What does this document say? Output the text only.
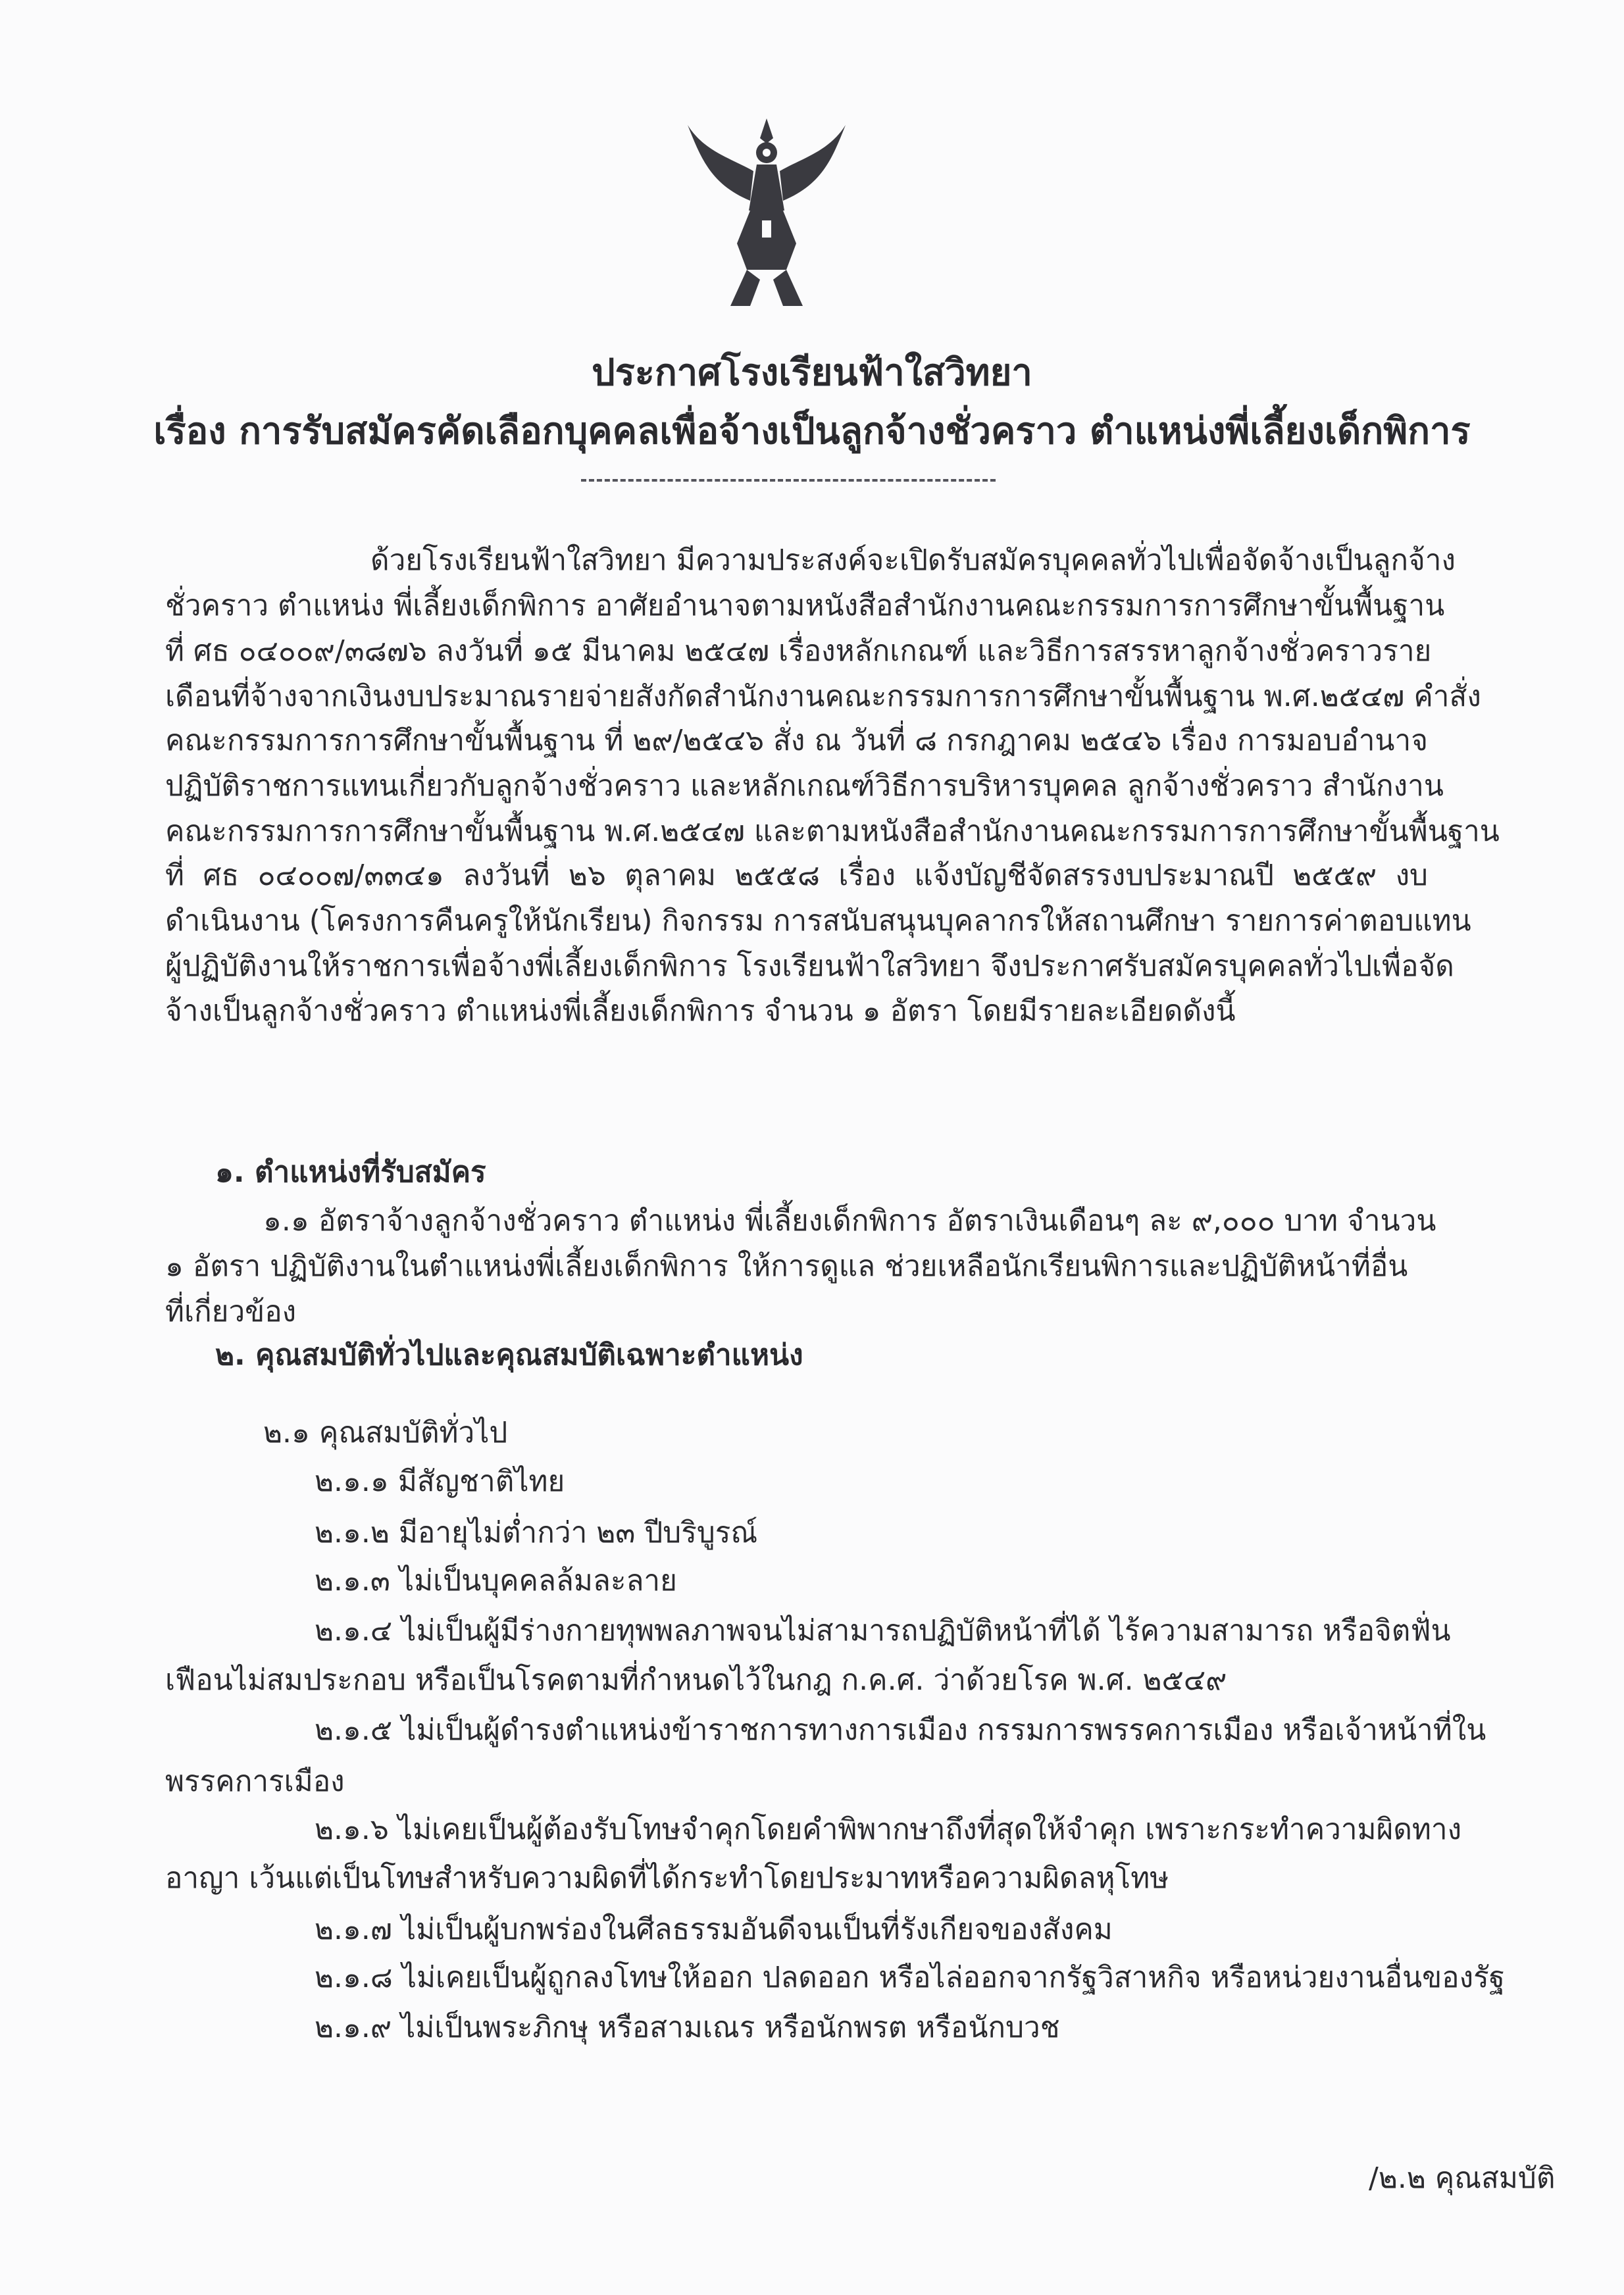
ประกาศโรงเรียนฟ้าใสวิทยา
เรื่อง การรับสมัครคัดเลือกบุคคลเพื่อจ้างเป็นลูกจ้างชั่วคราว ตำแหน่งพี่เลี้ยงเด็กพิการ
ด้วยโรงเรียนฟ้าใสวิทยา มีความประสงค์จะเปิดรับสมัครบุคคลทั่วไปเพื่อจัดจ้างเป็นลูกจ้าง
ชั่วคราว ตำแหน่ง พี่เลี้ยงเด็กพิการ อาศัยอำนาจตามหนังสือสำนักงานคณะกรรมการการศึกษาขั้นพื้นฐาน
ที่ ศธ ๐๔๐๐๙/๓๘๗๖ ลงวันที่ ๑๕ มีนาคม ๒๕๔๗ เรื่องหลักเกณฑ์ และวิธีการสรรหาลูกจ้างชั่วคราวราย
เดือนที่จ้างจากเงินงบประมาณรายจ่ายสังกัดสำนักงานคณะกรรมการการศึกษาขั้นพื้นฐาน พ.ศ.๒๕๔๗ คำสั่ง
คณะกรรมการการศึกษาขั้นพื้นฐาน ที่ ๒๙/๒๕๔๖ สั่ง ณ วันที่ ๘ กรกฎาคม ๒๕๔๖ เรื่อง การมอบอำนาจ
ปฏิบัติราชการแทนเกี่ยวกับลูกจ้างชั่วคราว และหลักเกณฑ์วิธีการบริหารบุคคล ลูกจ้างชั่วคราว สำนักงาน
คณะกรรมการการศึกษาขั้นพื้นฐาน พ.ศ.๒๕๔๗ และตามหนังสือสำนักงานคณะกรรมการการศึกษาขั้นพื้นฐาน
ที่ ศธ ๐๔๐๐๗/๓๓๔๑ ลงวันที่ ๒๖ ตุลาคม ๒๕๕๘ เรื่อง แจ้งบัญชีจัดสรรงบประมาณปี ๒๕๕๙ งบ
ดำเนินงาน (โครงการคืนครูให้นักเรียน) กิจกรรม การสนับสนุนบุคลากรให้สถานศึกษา รายการค่าตอบแทน
ผู้ปฏิบัติงานให้ราชการเพื่อจ้างพี่เลี้ยงเด็กพิการ โรงเรียนฟ้าใสวิทยา จึงประกาศรับสมัครบุคคลทั่วไปเพื่อจัด
จ้างเป็นลูกจ้างชั่วคราว ตำแหน่งพี่เลี้ยงเด็กพิการ จำนวน ๑ อัตรา โดยมีรายละเอียดดังนี้
๑. ตำแหน่งที่รับสมัคร
๑.๑ อัตราจ้างลูกจ้างชั่วคราว ตำแหน่ง พี่เลี้ยงเด็กพิการ อัตราเงินเดือนๆ ละ ๙,๐๐๐ บาท จำนวน
๑ อัตรา ปฏิบัติงานในตำแหน่งพี่เลี้ยงเด็กพิการ ให้การดูแล ช่วยเหลือนักเรียนพิการและปฏิบัติหน้าที่อื่น
ที่เกี่ยวข้อง
๒. คุณสมบัติทั่วไปและคุณสมบัติเฉพาะตำแหน่ง
๒.๑ คุณสมบัติทั่วไป
๒.๑.๑ มีสัญชาติไทย
๒.๑.๒ มีอายุไม่ต่ำกว่า ๒๓ ปีบริบูรณ์
๒.๑.๓ ไม่เป็นบุคคลล้มละลาย
๒.๑.๔ ไม่เป็นผู้มีร่างกายทุพพลภาพจนไม่สามารถปฏิบัติหน้าที่ได้ ไร้ความสามารถ หรือจิตฟั่น
เฟือนไม่สมประกอบ หรือเป็นโรคตามที่กำหนดไว้ในกฎ ก.ค.ศ. ว่าด้วยโรค พ.ศ. ๒๕๔๙
๒.๑.๕ ไม่เป็นผู้ดำรงตำแหน่งข้าราชการทางการเมือง กรรมการพรรคการเมือง หรือเจ้าหน้าที่ใน
พรรคการเมือง
๒.๑.๖ ไม่เคยเป็นผู้ต้องรับโทษจำคุกโดยคำพิพากษาถึงที่สุดให้จำคุก เพราะกระทำความผิดทาง
อาญา เว้นแต่เป็นโทษสำหรับความผิดที่ได้กระทำโดยประมาทหรือความผิดลหุโทษ
๒.๑.๗ ไม่เป็นผู้บกพร่องในศีลธรรมอันดีจนเป็นที่รังเกียจของสังคม
๒.๑.๘ ไม่เคยเป็นผู้ถูกลงโทษให้ออก ปลดออก หรือไล่ออกจากรัฐวิสาหกิจ หรือหน่วยงานอื่นของรัฐ
๒.๑.๙ ไม่เป็นพระภิกษุ หรือสามเณร หรือนักพรต หรือนักบวช
/๒.๒ คุณสมบัติ
